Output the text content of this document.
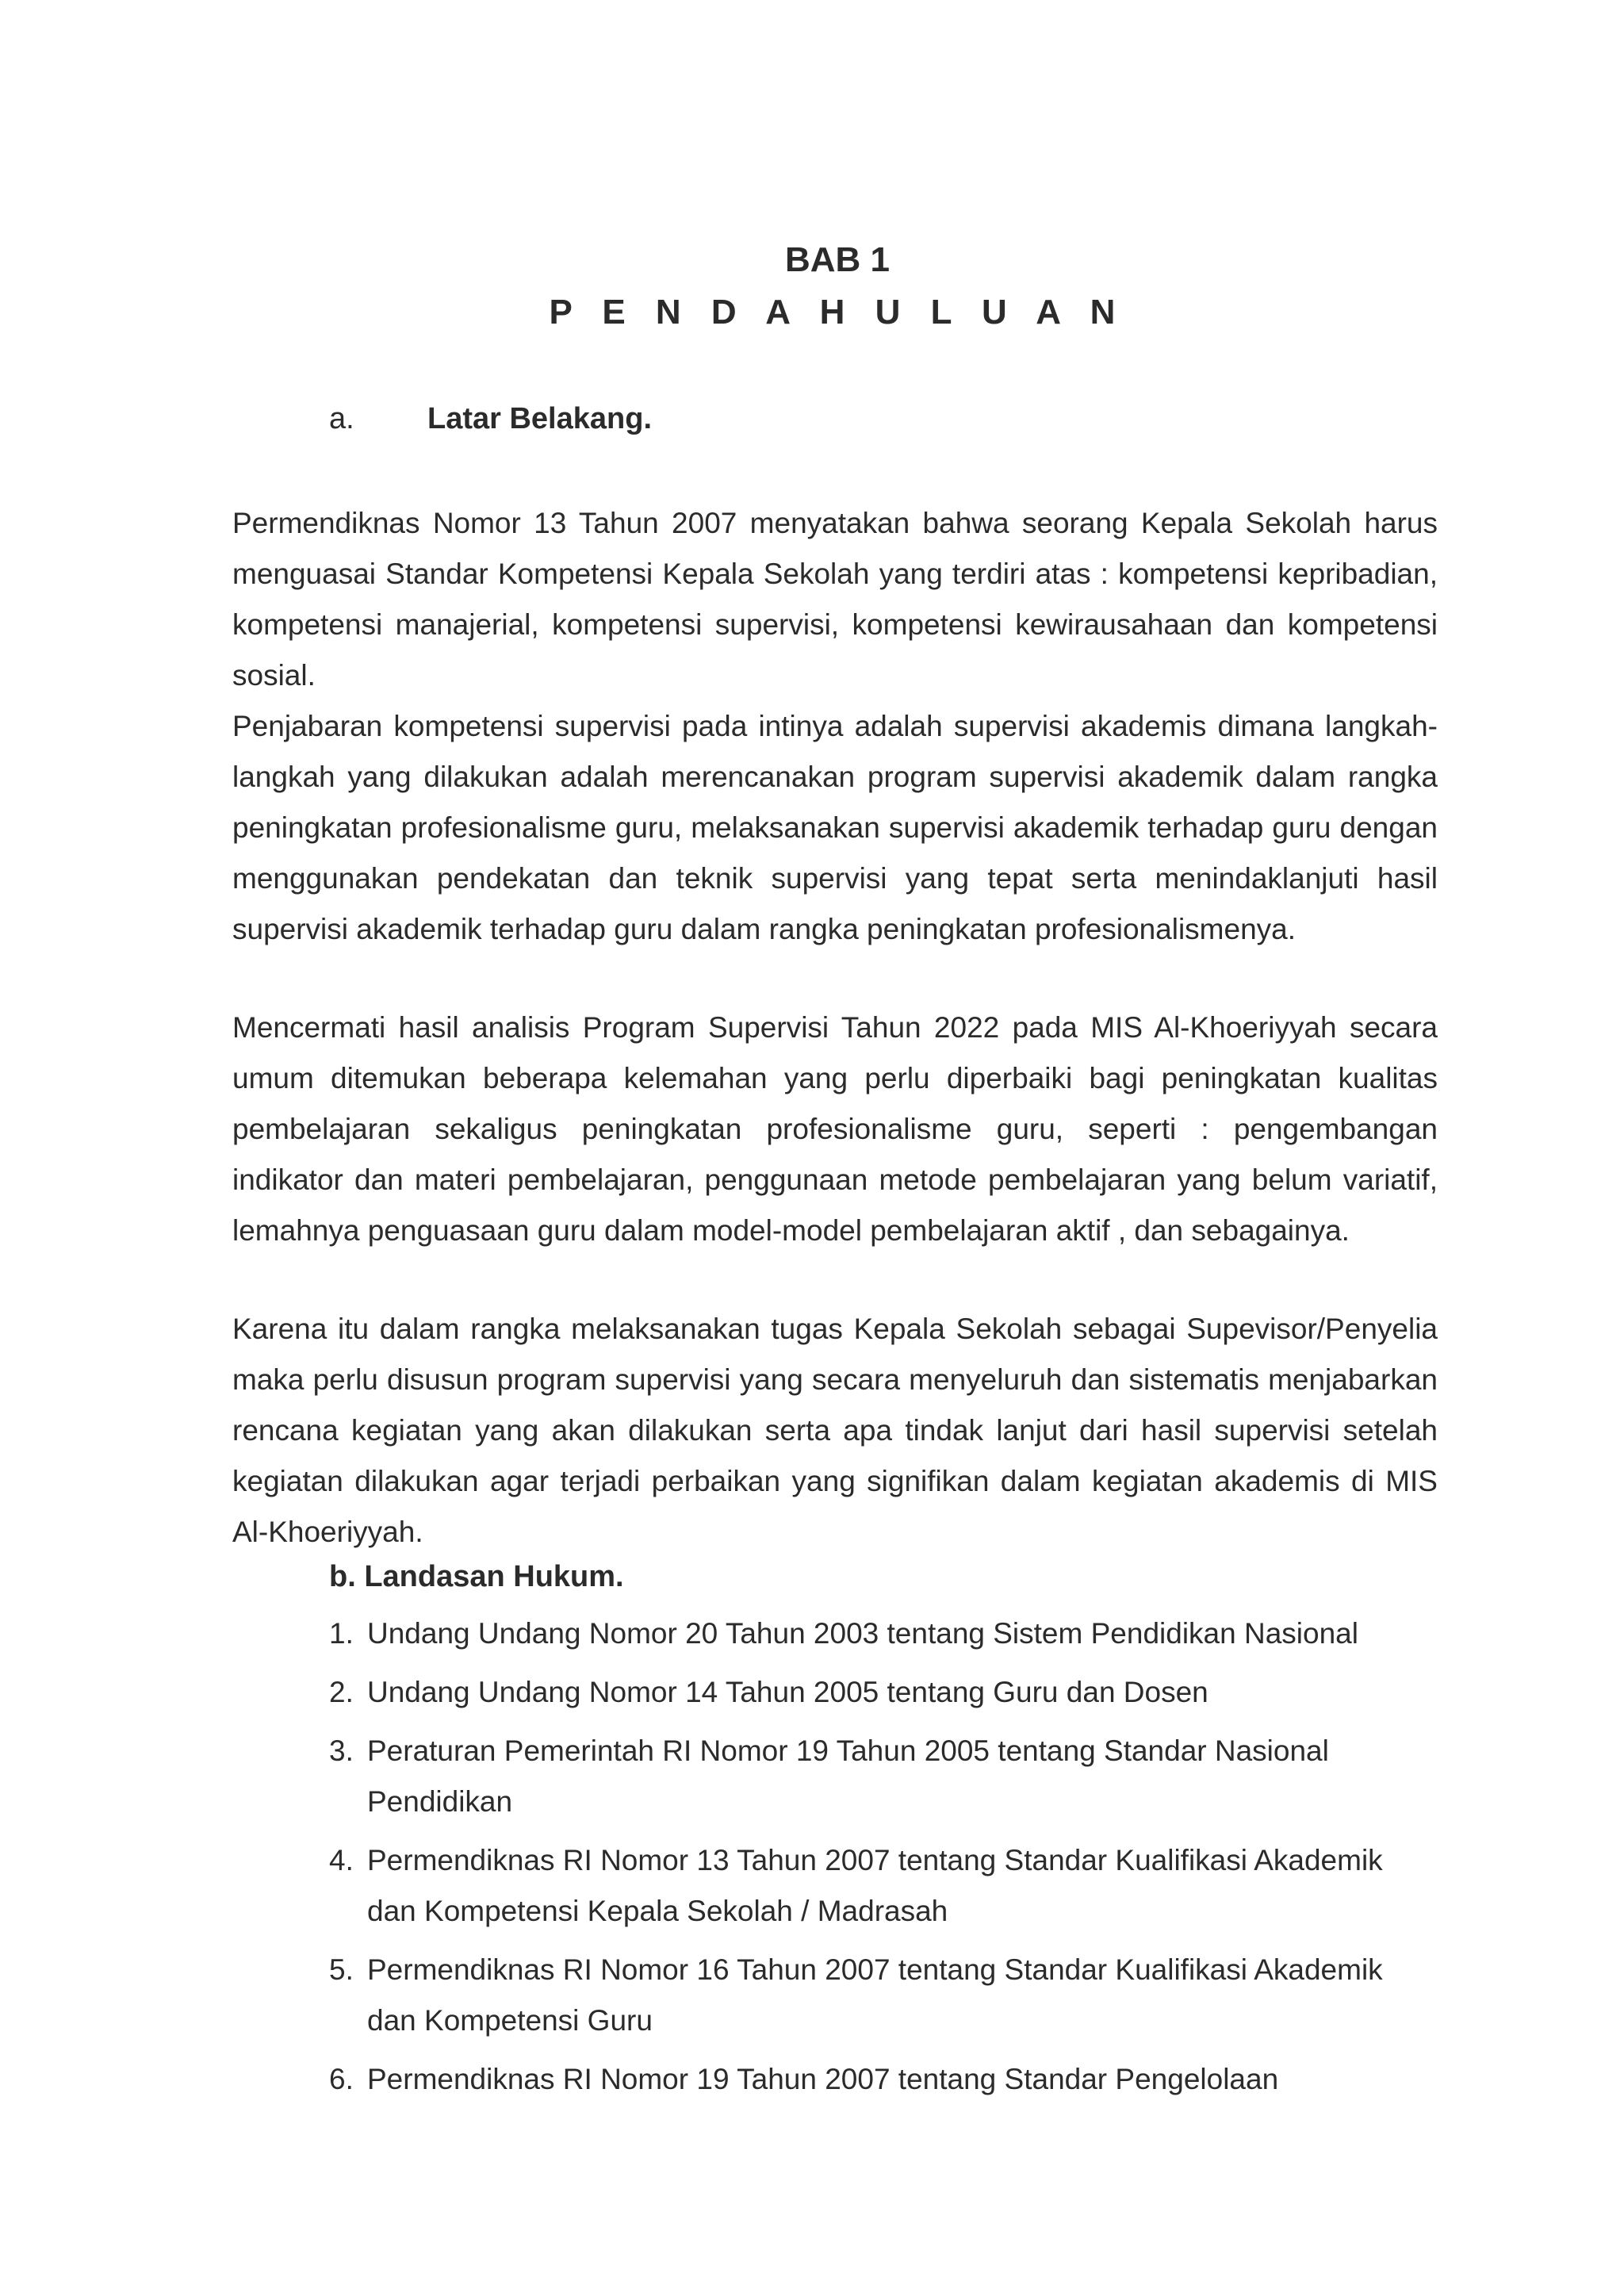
BAB 1
P E N D A H U L U A N
a. Latar Belakang.

Permendiknas Nomor 13 Tahun 2007 menyatakan bahwa seorang Kepala Sekolah harus menguasai Standar Kompetensi Kepala Sekolah yang terdiri atas : kompetensi kepribadian, kompetensi manajerial, kompetensi supervisi, kompetensi kewirausahaan dan kompetensi sosial.

Penjabaran kompetensi supervisi pada intinya adalah supervisi akademis dimana langkah-langkah yang dilakukan adalah merencanakan program supervisi akademik dalam rangka peningkatan profesionalisme guru, melaksanakan supervisi akademik terhadap guru dengan menggunakan pendekatan dan teknik supervisi yang tepat serta menindaklanjuti hasil supervisi akademik terhadap guru dalam rangka peningkatan profesionalismenya.

Mencermati hasil analisis Program Supervisi Tahun 2022 pada MIS Al-Khoeriyyah secara umum ditemukan beberapa kelemahan yang perlu diperbaiki bagi peningkatan kualitas pembelajaran sekaligus peningkatan profesionalisme guru, seperti : pengembangan indikator dan materi pembelajaran, penggunaan metode pembelajaran yang belum variatif, lemahnya penguasaan guru dalam model-model pembelajaran aktif , dan sebagainya.

Karena itu dalam rangka melaksanakan tugas Kepala Sekolah sebagai Supevisor/Penyelia maka perlu disusun program supervisi yang secara menyeluruh dan sistematis menjabarkan rencana kegiatan yang akan dilakukan serta apa tindak lanjut dari hasil supervisi setelah kegiatan dilakukan agar terjadi perbaikan yang signifikan dalam kegiatan akademis di MIS Al-Khoeriyyah.

b. Landasan Hukum.
1. Undang Undang Nomor 20 Tahun 2003 tentang Sistem Pendidikan Nasional
2. Undang Undang Nomor 14 Tahun 2005 tentang Guru dan Dosen
3. Peraturan Pemerintah RI Nomor 19 Tahun 2005 tentang Standar Nasional Pendidikan
4. Permendiknas RI Nomor 13 Tahun 2007 tentang Standar Kualifikasi Akademik dan Kompetensi Kepala Sekolah / Madrasah
5. Permendiknas RI Nomor 16 Tahun 2007 tentang Standar Kualifikasi Akademik dan Kompetensi Guru
6. Permendiknas RI Nomor 19 Tahun 2007 tentang Standar Pengelolaan
